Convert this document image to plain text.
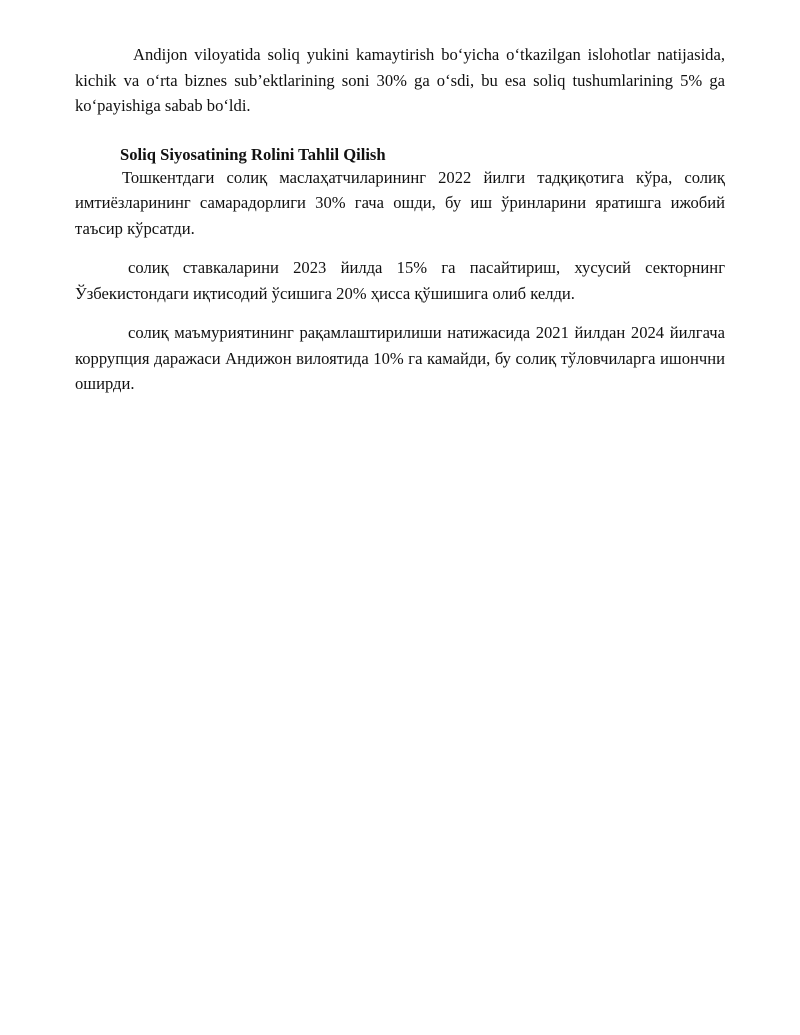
Andijon viloyatida soliq yukini kamaytirish bo‘yicha o‘tkazilgan islohotlar natijasida, kichik va o‘rta biznes sub’ektlarining soni 30% ga o‘sdi, bu esa soliq tushumlarining 5% ga ko‘payishiga sabab bo‘ldi.

Soliq Siyosatining Rolini Tahlil Qilish

Тошкентдаги солиқ маслаҳатчиларининг 2022 йилги тадқиқотига кўра, солиқ имтиёзларининг самарадорлиги 30% гача ошди, бу иш ўринларини яратишга ижобий таъсир кўрсатди.

солиқ ставкаларини 2023 йилда 15% га пасайтириш, хусусий секторнинг Ўзбекистондаги иқтисодий ўсишига 20% ҳисса қўшишига олиб келди.

солиқ маъмуриятининг рақамлаштирилиши натижасида 2021 йилдан 2024 йилгача коррупция даражаси Андижон вилоятида 10% га камайди, бу солиқ тўловчиларга ишончни оширди.
